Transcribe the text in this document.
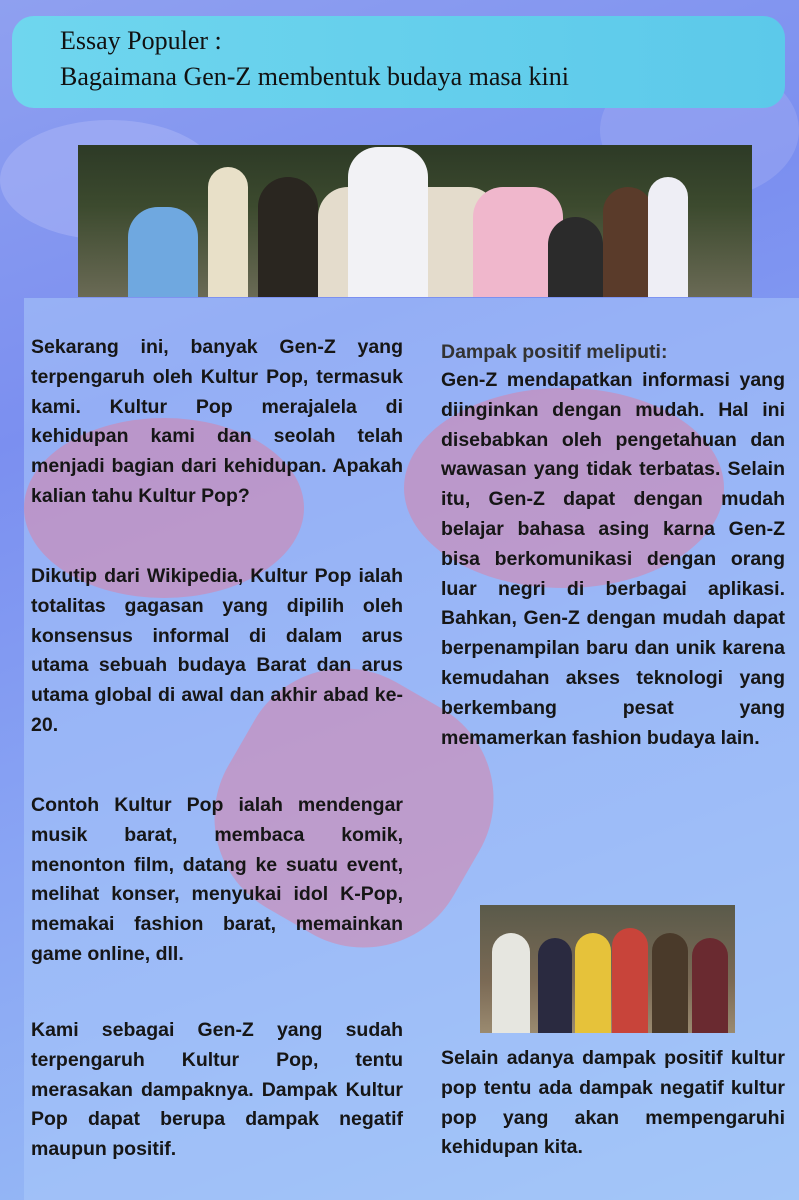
Essay Populer :
Bagaimana Gen-Z membentuk budaya masa kini

Sekarang ini, banyak Gen-Z yang terpengaruh oleh Kultur Pop, termasuk kami. Kultur Pop merajalela di kehidupan kami dan seolah telah menjadi bagian dari kehidupan. Apakah kalian tahu Kultur Pop?

Dikutip dari Wikipedia, Kultur Pop ialah totalitas gagasan yang dipilih oleh konsensus informal di dalam arus utama sebuah budaya Barat dan arus utama global di awal dan akhir abad ke-20.

Contoh Kultur Pop ialah mendengar musik barat, membaca komik, menonton film, datang ke suatu event, melihat konser, menyukai idol K-Pop, memakai fashion barat, memainkan game online, dll.

Kami sebagai Gen-Z yang sudah terpengaruh Kultur Pop, tentu merasakan dampaknya. Dampak Kultur Pop dapat berupa dampak negatif maupun positif.

Dampak positif meliputi:

Gen-Z mendapatkan informasi yang diinginkan dengan mudah. Hal ini disebabkan oleh pengetahuan dan wawasan yang tidak terbatas. Selain itu, Gen-Z dapat dengan mudah belajar bahasa asing karna Gen-Z bisa berkomunikasi dengan orang luar negri di berbagai aplikasi. Bahkan, Gen-Z dengan mudah dapat berpenampilan baru dan unik karena kemudahan akses teknologi yang berkembang pesat yang memamerkan fashion budaya lain.

Selain adanya dampak positif kultur pop tentu ada dampak negatif kultur pop yang akan mempengaruhi kehidupan kita.
